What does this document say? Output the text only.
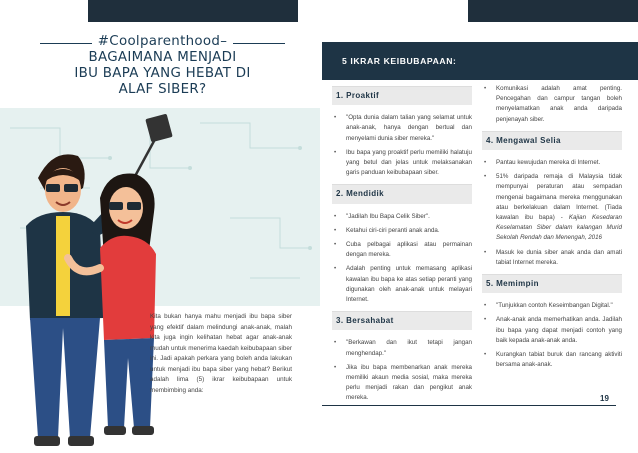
#Coolparenthood–

BAGAIMANA MENJADI

IBU BAPA YANG HEBAT DI

ALAF SIBER?

Kita bukan hanya mahu menjadi ibu bapa siber yang efektif dalam melindungi anak-anak, malah kita juga ingin kelihatan hebat agar anak-anak mudah untuk menerima kaedah keibubapaan siber ini. Jadi apakah perkara yang boleh anda lakukan untuk menjadi ibu bapa siber yang hebat? Berikut adalah lima (5) ikrar keibubapaan untuk membimbing anda:
5 IKRAR KEIBUBAPAAN:
1. Proaktif
• "Opta dunia dalam talian yang selamat untuk anak-anak, hanya dengan bertual dan menyelami dunia siber mereka."
• Ibu bapa yang proaktif perlu memiliki halatuju yang betul dan jelas untuk melaksanakan garis panduan keibubapaan siber.
2. Mendidik
• "Jadilah Ibu Bapa Celik Siber".
• Ketahui ciri-ciri peranti anak anda.
• Cuba pelbagai aplikasi atau permainan dengan mereka.
• Adalah penting untuk memasang aplikasi kawalan ibu bapa ke atas setiap peranti yang digunakan oleh anak-anak untuk melayari Internet.
3. Bersahabat
• "Berkawan dan ikut tetapi jangan menghendap."
• Jika ibu bapa membenarkan anak mereka memiliki akaun media sosial, maka mereka perlu menjadi rakan dan pengikut anak mereka.
• Komunikasi adalah amat penting. Pencegahan dan campur tangan boleh menyelamatkan anak anda daripada penjenayah siber.
4. Mengawal Selia
• Pantau kewujudan mereka di Internet.
• 51% daripada remaja di Malaysia tidak mempunyai peraturan atau sempadan mengenai bagaimana mereka menggunakan atau berkelakuan dalam Internet. (Tiada kawalan ibu bapa) - Kajian Kesedaran Keselamatan Siber dalam kalangan Murid Sekolah Rendah dan Menengah, 2016
• Masuk ke dunia siber anak anda dan amati tabiat Internet mereka.
5. Memimpin
• "Tunjukkan contoh Keseimbangan Digital."
• Anak-anak anda memerhatikan anda. Jadilah ibu bapa yang dapat menjadi contoh yang baik kepada anak-anak anda.
• Kurangkan tabiat buruk dan rancang aktiviti bersama anak-anak.
19
